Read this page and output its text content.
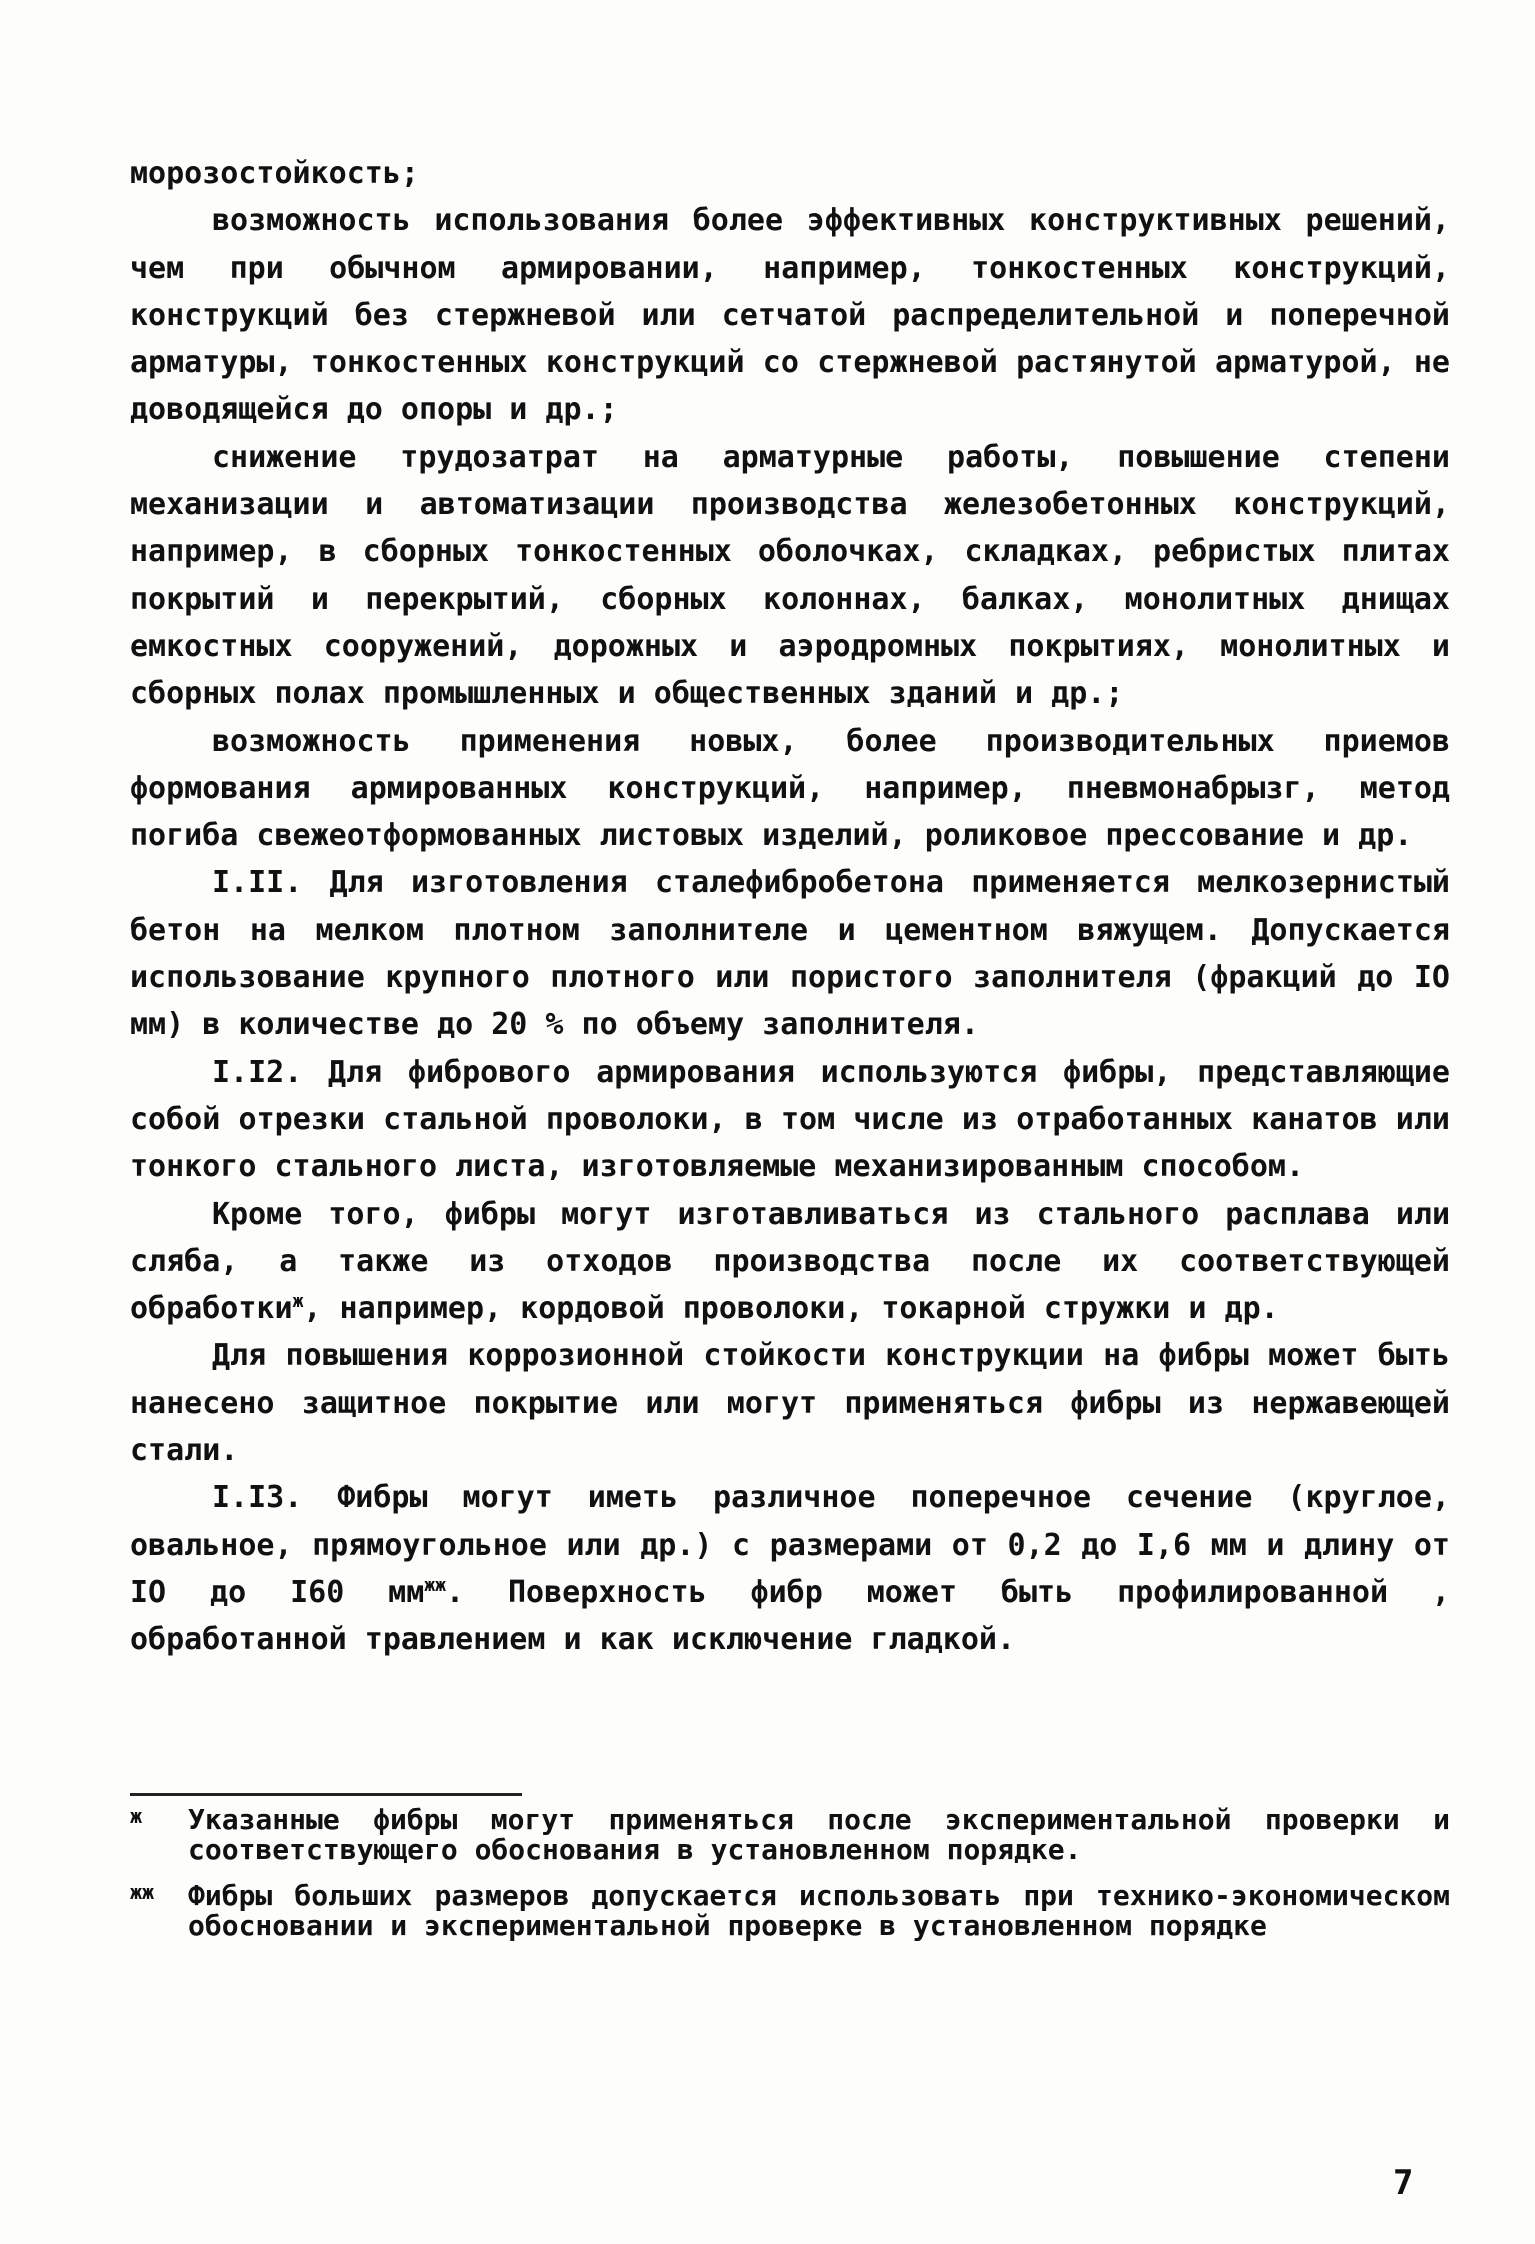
морозостойкость;

возможность использования более эффективных конструктивных решений, чем при обычном армировании, например, тонкостенных конструкций, конструкций без стержневой или сетчатой распределительной и поперечной арматуры, тонкостенных конструкций со стержневой растянутой арматурой, не доводящейся до опоры и др.;

снижение трудозатрат на арматурные работы, повышение степени механизации и автоматизации производства железобетонных конструкций, например, в сборных тонкостенных оболочках, складках, ребристых плитах покрытий и перекрытий, сборных колоннах, балках, монолитных днищах емкостных сооружений, дорожных и аэродромных покрытиях, монолитных и сборных полах промышленных и общественных зданий и др.;

возможность применения новых, более производительных приемов формования армированных конструкций, например, пневмонабрызг, метод погиба свежеотформованных листовых изделий, роликовое прессование и др.

I.II. Для изготовления сталефибробетона применяется мелкозернистый бетон на мелком плотном заполнителе и цементном вяжущем. Допускается использование крупного плотного или пористого заполнителя (фракций до IO мм) в количестве до 20 % по объему заполнителя.

I.I2. Для фибрового армирования используются фибры, представляющие собой отрезки стальной проволоки, в том числе из отработанных канатов или тонкого стального листа, изготовляемые механизированным способом.

Кроме того, фибры могут изготавливаться из стального расплава или сляба, а также из отходов производства после их соответствующей обработки$^ж$, например, кордовой проволоки, токарной стружки и др.

Для повышения коррозионной стойкости конструкции на фибры может быть нанесено защитное покрытие или могут применяться фибры из нержавеющей стали.

I.I3. Фибры могут иметь различное поперечное сечение (круглое, овальное, прямоугольное или др.) с размерами от 0,2 до I,6 мм и длину от IO до I60 $мм^{жж}$. Поверхность фибр может быть профилированной , обработанной травлением и как исключение гладкой.

ж	Указанные фибры могут применяться после экспериментальной проверки и соответствующего обоснования в установленном порядке.
жж	Фибры больших размеров допускается использовать при технико-экономическом обосновании и экспериментальной проверке в установленном порядке
7
